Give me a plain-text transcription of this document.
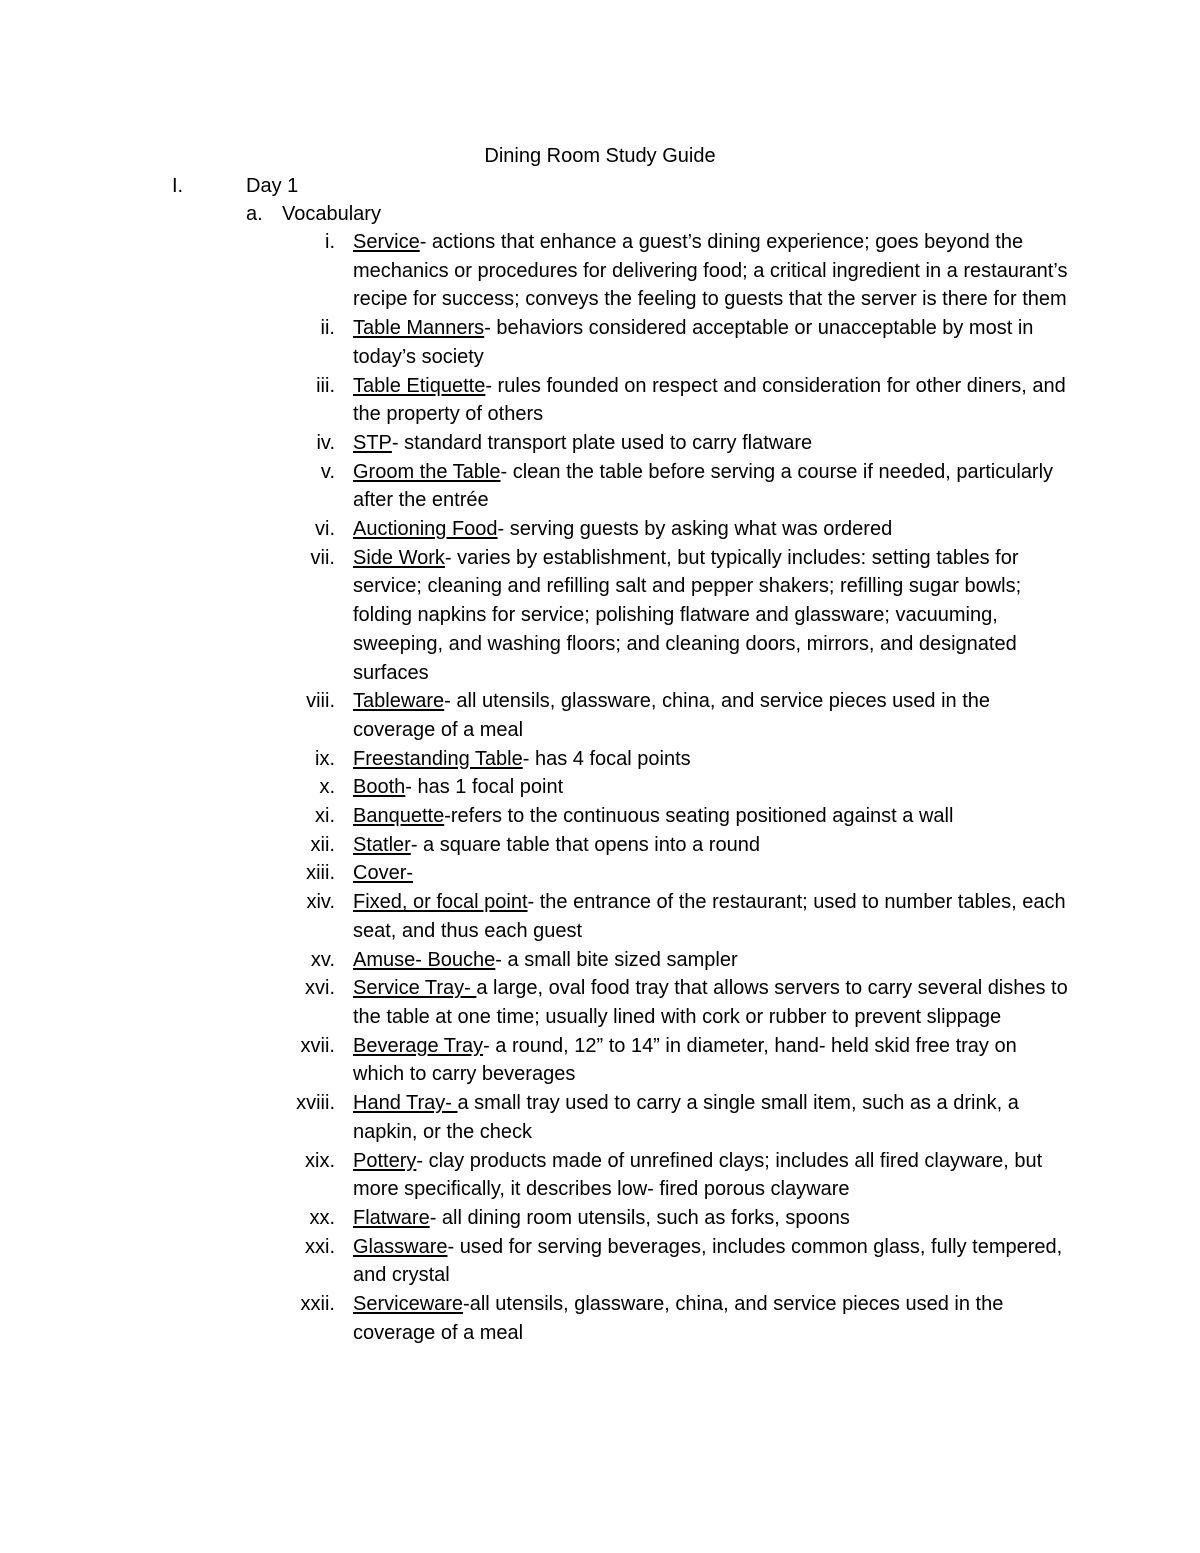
Dining Room Study Guide
I.	Day 1
a. Vocabulary
i. Service- actions that enhance a guest’s dining experience; goes beyond the mechanics or procedures for delivering food; a critical ingredient in a restaurant’s recipe for success; conveys the feeling to guests that the server is there for them
ii. Table Manners- behaviors considered acceptable or unacceptable by most in today’s society
iii. Table Etiquette- rules founded on respect and consideration for other diners, and the property of others
iv. STP- standard transport plate used to carry flatware
v. Groom the Table- clean the table before serving a course if needed, particularly after the entrée
vi. Auctioning Food- serving guests by asking what was ordered
vii. Side Work- varies by establishment, but typically includes: setting tables for service; cleaning and refilling salt and pepper shakers; refilling sugar bowls; folding napkins for service; polishing flatware and glassware; vacuuming, sweeping, and washing floors; and cleaning doors, mirrors, and designated surfaces
viii. Tableware- all utensils, glassware, china, and service pieces used in the coverage of a meal
ix. Freestanding Table- has 4 focal points
x. Booth- has 1 focal point
xi. Banquette-refers to the continuous seating positioned against a wall
xii. Statler- a square table that opens into a round
xiii. Cover-
xiv. Fixed, or focal point- the entrance of the restaurant; used to number tables, each seat, and thus each guest
xv. Amuse- Bouche- a small bite sized sampler
xvi. Service Tray- a large, oval food tray that allows servers to carry several dishes to the table at one time; usually lined with cork or rubber to prevent slippage
xvii. Beverage Tray- a round, 12” to 14” in diameter, hand- held skid free tray on which to carry beverages
xviii. Hand Tray- a small tray used to carry a single small item, such as a drink, a napkin, or the check
xix. Pottery- clay products made of unrefined clays; includes all fired clayware, but more specifically, it describes low- fired porous clayware
xx. Flatware- all dining room utensils, such as forks, spoons
xxi. Glassware- used for serving beverages, includes common glass, fully tempered, and crystal
xxii. Serviceware-all utensils, glassware, china, and service pieces used in the coverage of a meal
